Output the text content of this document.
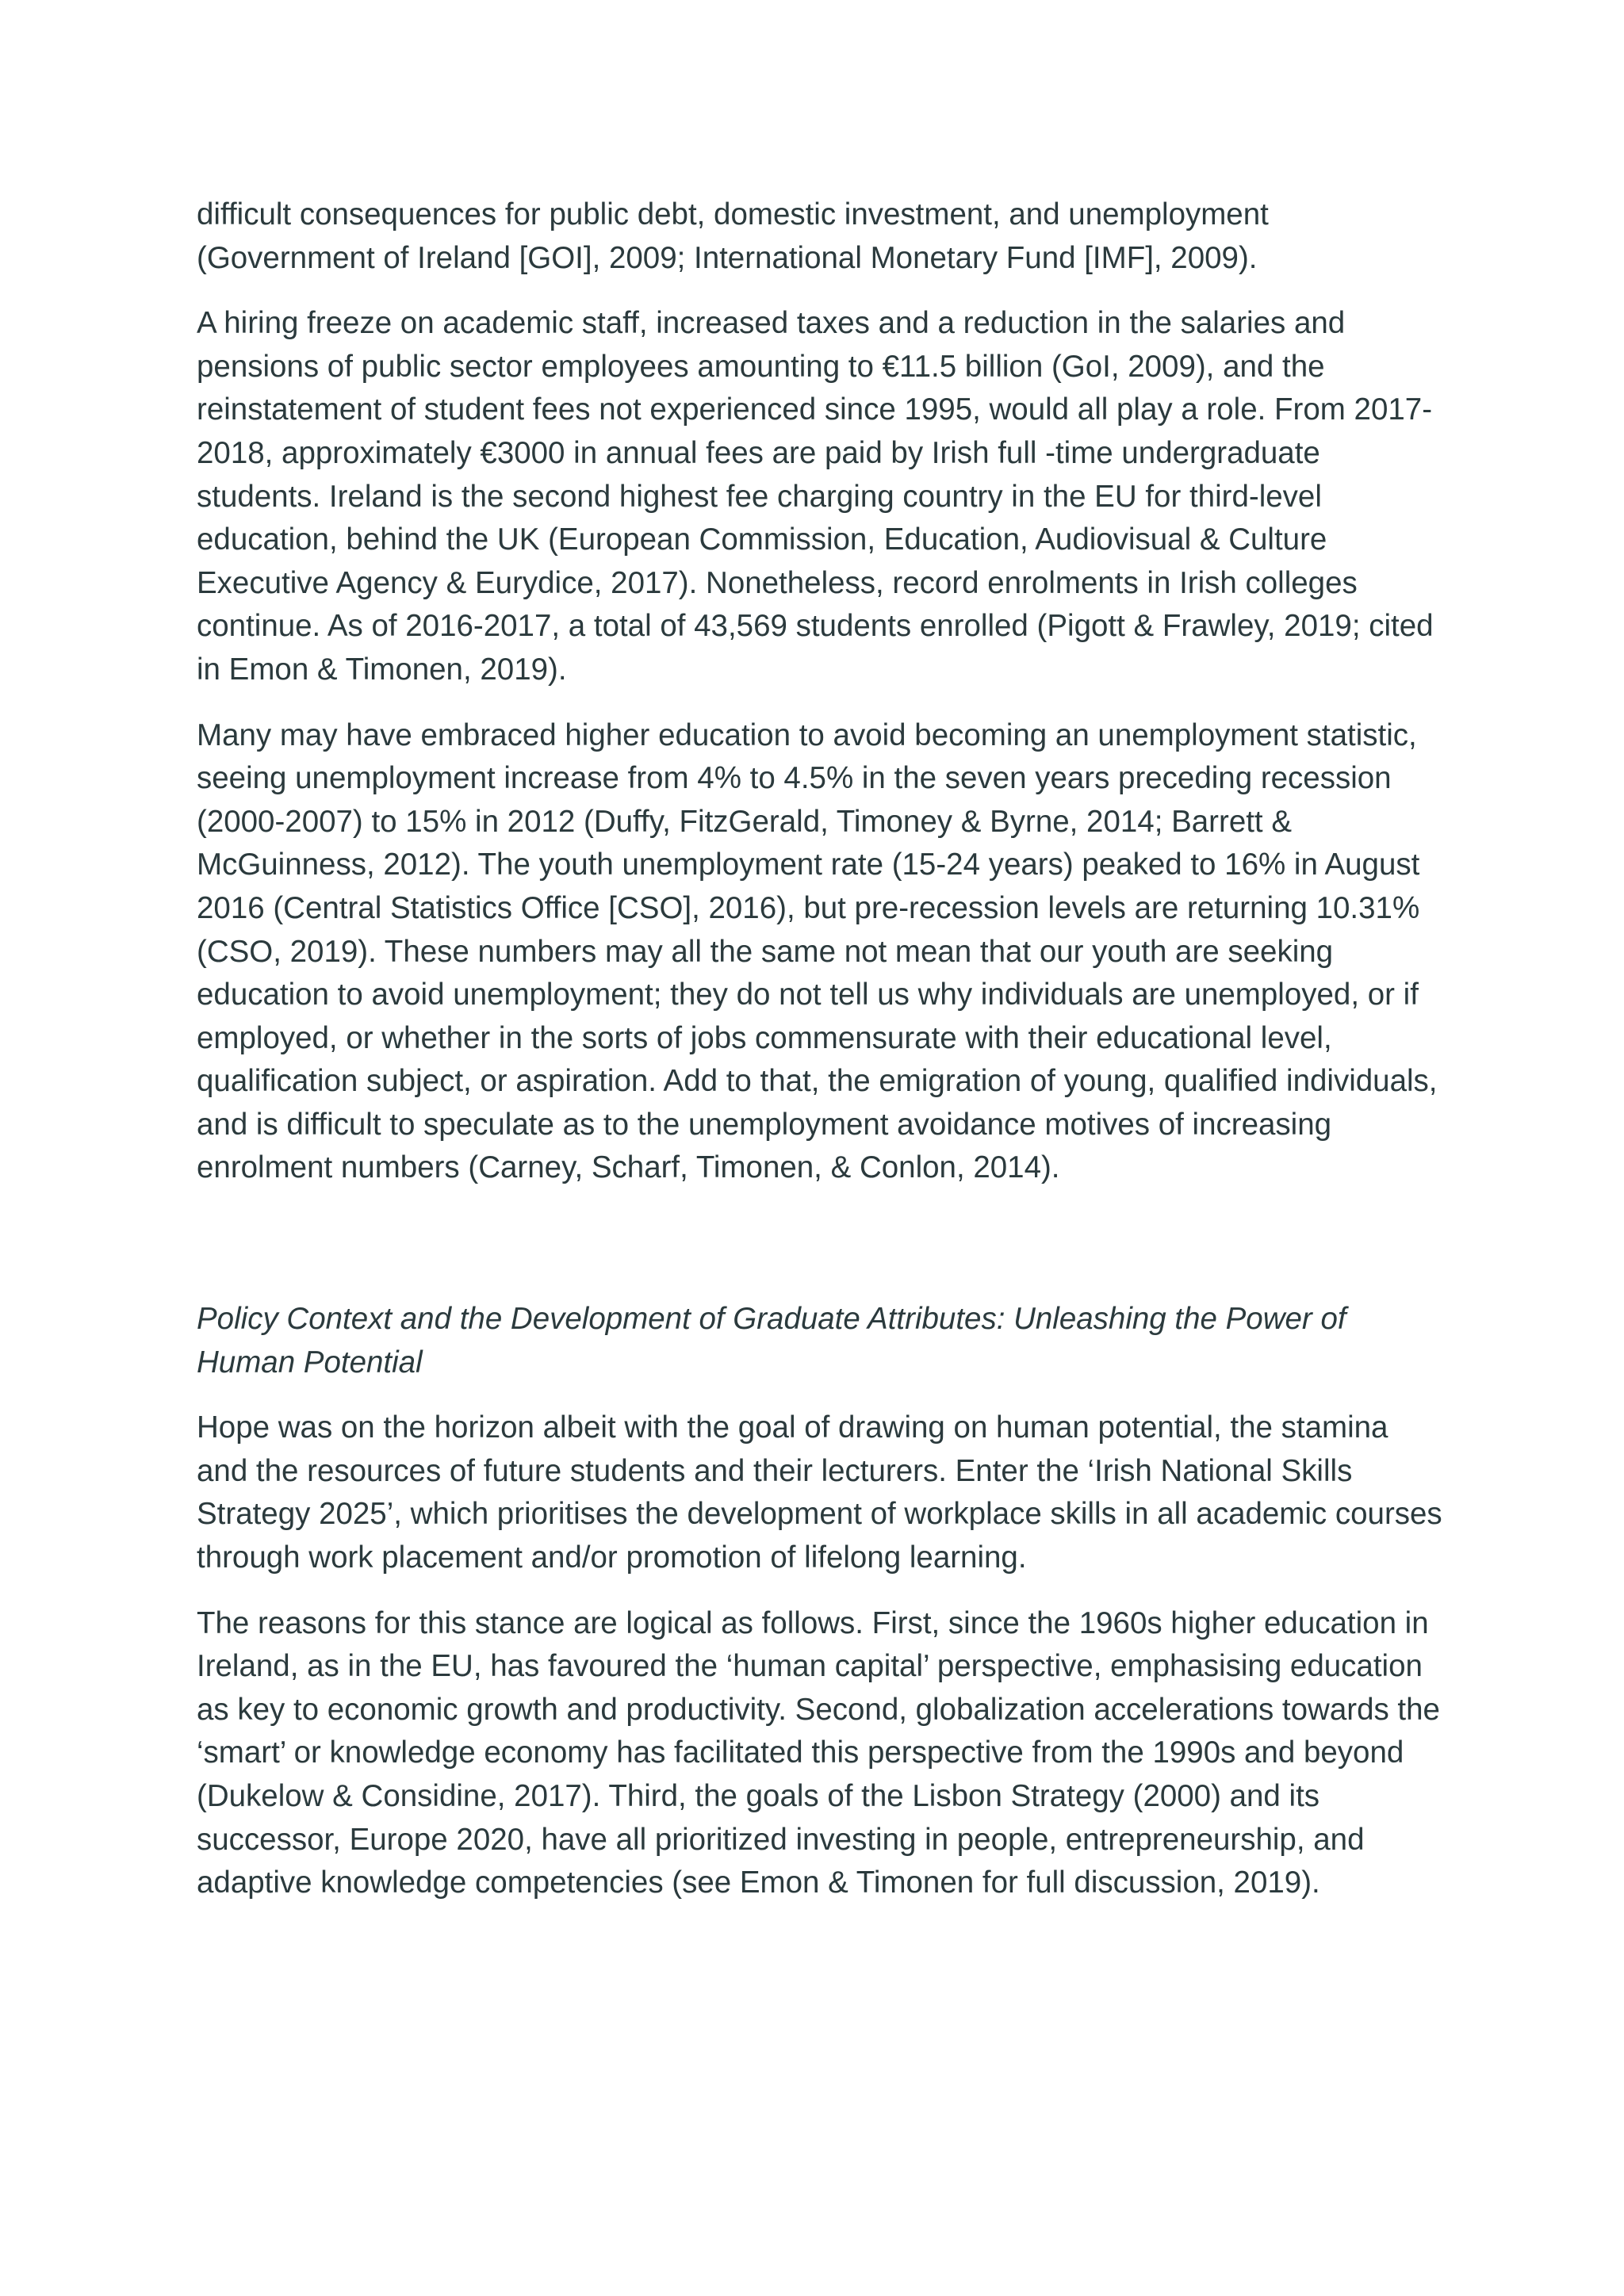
difficult consequences for public debt, domestic investment, and unemployment (Government of Ireland [GOI], 2009; International Monetary Fund [IMF], 2009).

A hiring freeze on academic staff, increased taxes and a reduction in the salaries and pensions of public sector employees amounting to €11.5 billion (GoI, 2009), and the reinstatement of student fees not experienced since 1995, would all play a role. From 2017-2018, approximately €3000 in annual fees are paid by Irish full -time undergraduate students. Ireland is the second highest fee charging country in the EU for third-level education, behind the UK (European Commission, Education, Audiovisual & Culture Executive Agency & Eurydice, 2017). Nonetheless, record enrolments in Irish colleges continue. As of 2016-2017, a total of 43,569 students enrolled (Pigott & Frawley, 2019; cited in Emon & Timonen, 2019).

Many may have embraced higher education to avoid becoming an unemployment statistic, seeing unemployment increase from 4% to 4.5% in the seven years preceding recession (2000-2007) to 15% in 2012 (Duffy, FitzGerald, Timoney & Byrne, 2014; Barrett & McGuinness, 2012). The youth unemployment rate (15-24 years) peaked to 16% in August 2016 (Central Statistics Office [CSO], 2016), but pre-recession levels are returning 10.31% (CSO, 2019). These numbers may all the same not mean that our youth are seeking education to avoid unemployment; they do not tell us why individuals are unemployed, or if employed, or whether in the sorts of jobs commensurate with their educational level, qualification subject, or aspiration. Add to that, the emigration of young, qualified individuals, and is difficult to speculate as to the unemployment avoidance motives of increasing enrolment numbers (Carney, Scharf, Timonen, & Conlon, 2014).

Policy Context and the Development of Graduate Attributes: Unleashing the Power of Human Potential

Hope was on the horizon albeit with the goal of drawing on human potential, the stamina and the resources of future students and their lecturers. Enter the ‘Irish National Skills Strategy 2025’, which prioritises the development of workplace skills in all academic courses through work placement and/or promotion of lifelong learning.

The reasons for this stance are logical as follows. First, since the 1960s higher education in Ireland, as in the EU, has favoured the ‘human capital’ perspective, emphasising education as key to economic growth and productivity. Second, globalization accelerations towards the ‘smart’ or knowledge economy has facilitated this perspective from the 1990s and beyond (Dukelow & Considine, 2017). Third, the goals of the Lisbon Strategy (2000) and its successor, Europe 2020, have all prioritized investing in people, entrepreneurship, and adaptive knowledge competencies (see Emon & Timonen for full discussion, 2019).
